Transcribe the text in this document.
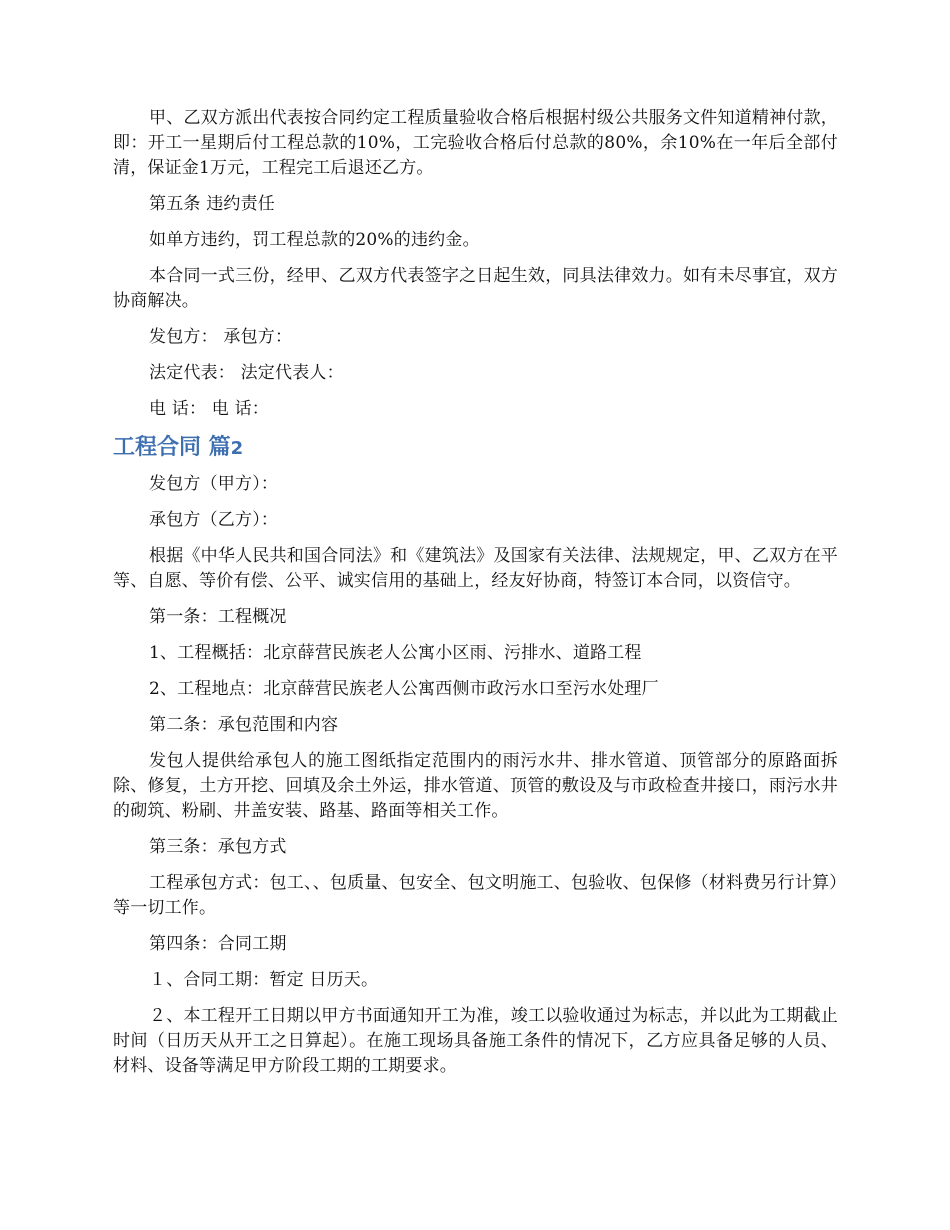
甲、乙双方派出代表按合同约定工程质量验收合格后根据村级公共服务文件知道精神付款，即：开工一星期后付工程总款的10%，工完验收合格后付总款的80%，余10%在一年后全部付清，保证金1万元，工程完工后退还乙方。

第五条 违约责任

如单方违约，罚工程总款的20%的违约金。

本合同一式三份，经甲、乙双方代表签字之日起生效，同具法律效力。如有未尽事宜，双方协商解决。

发包方： 承包方：

法定代表： 法定代表人：

电 话： 电 话：

工程合同 篇2

发包方（甲方）：

承包方（乙方）：

根据《中华人民共和国合同法》和《建筑法》及国家有关法律、法规规定，甲、乙双方在平等、自愿、等价有偿、公平、诚实信用的基础上，经友好协商，特签订本合同，以资信守。

第一条：工程概况

1、工程概括：北京薛营民族老人公寓小区雨、污排水、道路工程

2、工程地点：北京薛营民族老人公寓西侧市政污水口至污水处理厂

第二条：承包范围和内容

发包人提供给承包人的施工图纸指定范围内的雨污水井、排水管道、顶管部分的原路面拆除、修复，土方开挖、回填及余土外运，排水管道、顶管的敷设及与市政检查井接口，雨污水井的砌筑、粉刷、井盖安装、路基、路面等相关工作。

第三条：承包方式

工程承包方式：包工、、包质量、包安全、包文明施工、包验收、包保修（材料费另行计算）等一切工作。

第四条：合同工期

１、合同工期：暂定 日历天。

２、本工程开工日期以甲方书面通知开工为准，竣工以验收通过为标志，并以此为工期截止时间（日历天从开工之日算起）。在施工现场具备施工条件的情况下，乙方应具备足够的人员、材料、设备等满足甲方阶段工期的工期要求。
